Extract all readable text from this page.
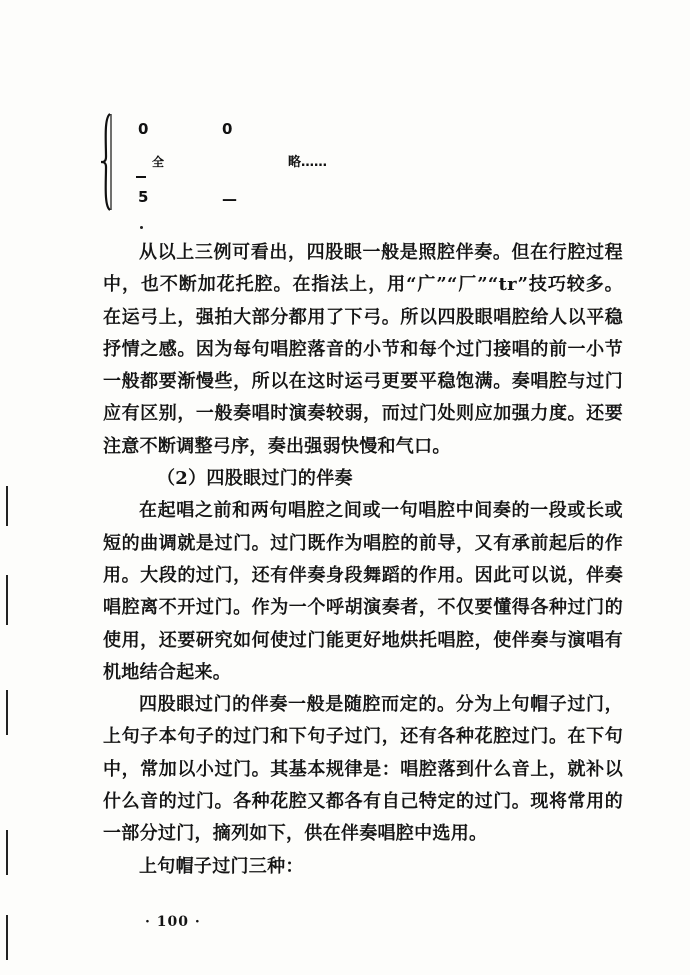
0	0
全	略……
5	—

从以上三例可看出，四股眼一般是照腔伴奏。但在行腔过程中，也不断加花托腔。在指法上，用“广”“厂”“tr”技巧较多。在运弓上，强拍大部分都用了下弓。所以四股眼唱腔给人以平稳抒情之感。因为每句唱腔落音的小节和每个过门接唱的前一小节一般都要渐慢些，所以在这时运弓更要平稳饱满。奏唱腔与过门应有区别，一般奏唱时演奏较弱，而过门处则应加强力度。还要注意不断调整弓序，奏出强弱快慢和气口。

（2）四股眼过门的伴奏

在起唱之前和两句唱腔之间或一句唱腔中间奏的一段或长或短的曲调就是过门。过门既作为唱腔的前导，又有承前起后的作用。大段的过门，还有伴奏身段舞蹈的作用。因此可以说，伴奏唱腔离不开过门。作为一个呼胡演奏者，不仅要懂得各种过门的使用，还要研究如何使过门能更好地烘托唱腔，使伴奏与演唱有机地结合起来。

四股眼过门的伴奏一般是随腔而定的。分为上句帽子过门，上句子本句子的过门和下句子过门，还有各种花腔过门。在下句中，常加以小过门。其基本规律是：唱腔落到什么音上，就补以什么音的过门。各种花腔又都各有自己特定的过门。现将常用的一部分过门，摘列如下，供在伴奏唱腔中选用。

上句帽子过门三种：

· 100 ·
